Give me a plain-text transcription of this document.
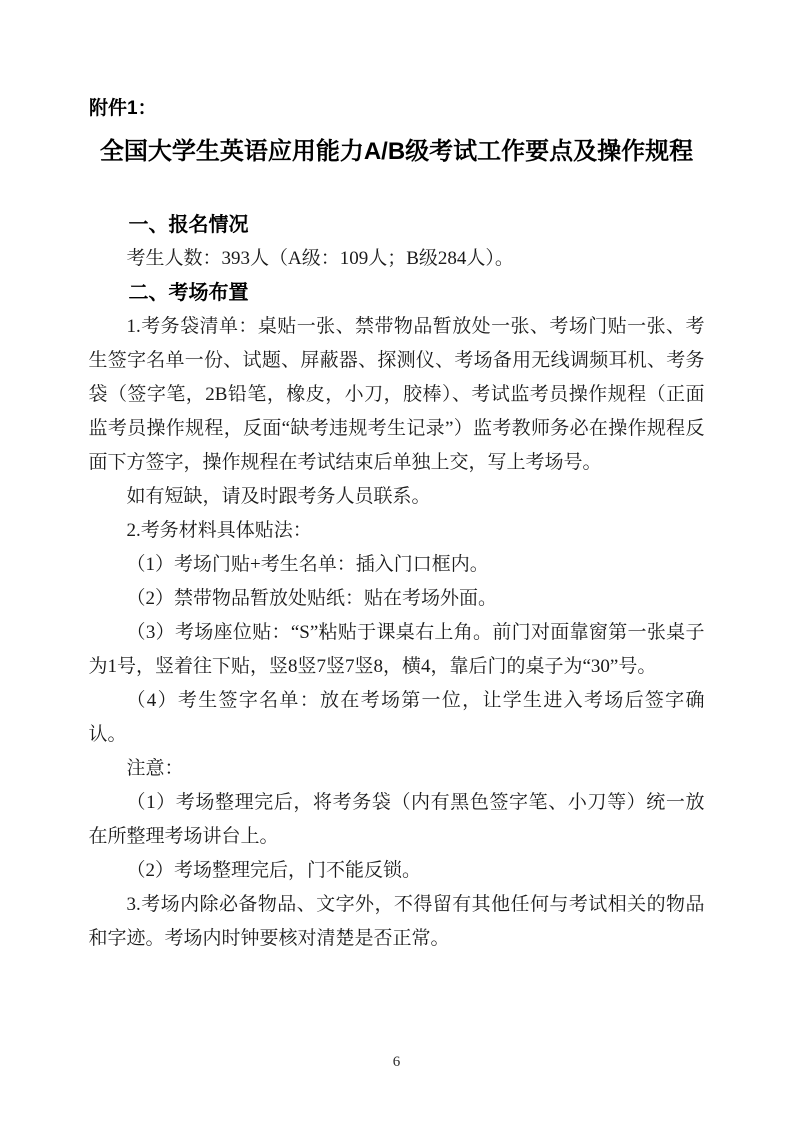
附件1：

全国大学生英语应用能力A/B级考试工作要点及操作规程
一、报名情况

考生人数：393人（A级：109人；B级284人）。

二、考场布置

1.考务袋清单：桌贴一张、禁带物品暂放处一张、考场门贴一张、考生签字名单一份、试题、屏蔽器、探测仪、考场备用无线调频耳机、考务袋（签字笔，2B铅笔，橡皮，小刀，胶棒）、考试监考员操作规程（正面监考员操作规程，反面“缺考违规考生记录”）监考教师务必在操作规程反面下方签字，操作规程在考试结束后单独上交，写上考场号。

如有短缺，请及时跟考务人员联系。

2.考务材料具体贴法：

（1）考场门贴+考生名单：插入门口框内。

（2）禁带物品暂放处贴纸：贴在考场外面。

（3）考场座位贴：“S”粘贴于课桌右上角。前门对面靠窗第一张桌子为1号，竖着往下贴，竖8竖7竖7竖8，横4，靠后门的桌子为“30”号。

（4）考生签字名单：放在考场第一位，让学生进入考场后签字确认。

注意：

（1）考场整理完后，将考务袋（内有黑色签字笔、小刀等）统一放在所整理考场讲台上。

（2）考场整理完后，门不能反锁。

3.考场内除必备物品、文字外，不得留有其他任何与考试相关的物品和字迹。考场内时钟要核对清楚是否正常。

6
